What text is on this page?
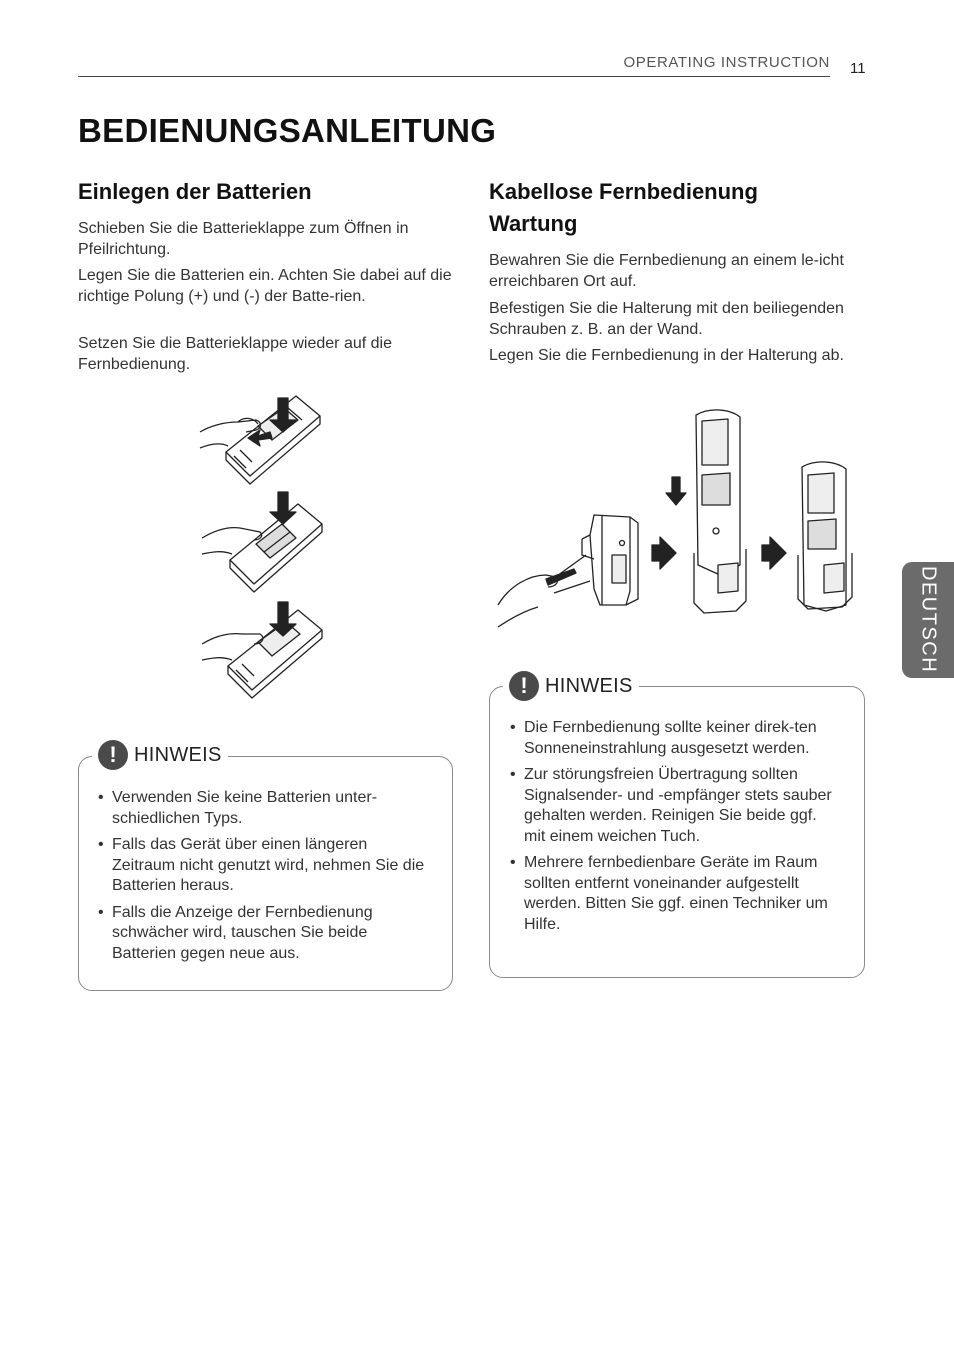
OPERATING INSTRUCTION 11
BEDIENUNGSANLEITUNG
Einlegen der Batterien

Schieben Sie die Batterieklappe zum Öffnen in Pfeilrichtung.

Legen Sie die Batterien ein. Achten Sie dabei auf die richtige Polung (+) und (-) der Batte-rien.

Setzen Sie die Batterieklappe wieder auf die Fernbedienung.

! HINWEIS
• Verwenden Sie keine Batterien unter-schiedlichen Typs.
• Falls das Gerät über einen längeren Zeitraum nicht genutzt wird, nehmen Sie die Batterien heraus.
• Falls die Anzeige der Fernbedienung schwächer wird, tauschen Sie beide Batterien gegen neue aus.
Kabellose Fernbedienung Wartung

Bewahren Sie die Fernbedienung an einem le-icht erreichbaren Ort auf.

Befestigen Sie die Halterung mit den beiliegenden Schrauben z. B. an der Wand.

Legen Sie die Fernbedienung in der Halterung ab.

! HINWEIS
• Die Fernbedienung sollte keiner direk-ten Sonneneinstrahlung ausgesetzt werden.
• Zur störungsfreien Übertragung sollten Signalsender- und -empfänger stets sauber gehalten werden. Reinigen Sie beide ggf. mit einem weichen Tuch.
• Mehrere fernbedienbare Geräte im Raum sollten entfernt voneinander aufgestellt werden. Bitten Sie ggf. einen Techniker um Hilfe.
DEUTSCH
